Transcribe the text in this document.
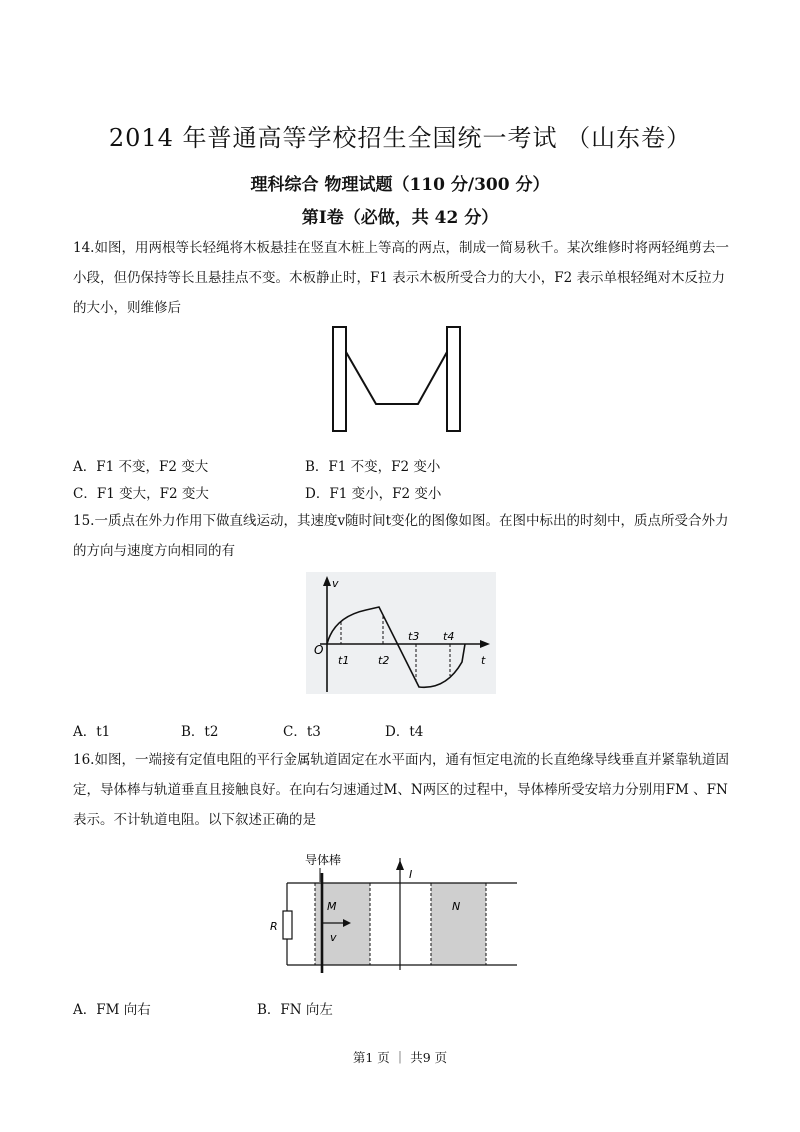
2014 年普通高等学校招生全国统一考试 （山东卷）
理科综合 物理试题（110 分/300 分）
第I卷（必做，共 42 分）
14.如图，用两根等长轻绳将木板悬挂在竖直木桩上等高的两点，制成一简易秋千。某次维修时将两轻绳剪去一小段，但仍保持等长且悬挂点不变。木板静止时，F1 表示木板所受合力的大小，F2 表示单根轻绳对木反拉力的大小，则维修后
A．F1 不变，F2 变大	B．F1 不变，F2 变小
C．F1 变大，F2 变大	D．F1 变小，F2 变小
15.一质点在外力作用下做直线运动，其速度v随时间t变化的图像如图。在图中标出的时刻中，质点所受合外力的方向与速度方向相同的有
v
t
O
t1	t2
t3 t4
A．t1	B．t2	C．t3	D．t4
16.如图，一端接有定值电阻的平行金属轨道固定在水平面内，通有恒定电流的长直绝缘导线垂直并紧靠轨道固定，导体棒与轨道垂直且接触良好。在向右匀速通过M、N两区的过程中，导体棒所受安培力分别用FM 、FN 表示。不计轨道电阻。以下叙述正确的是
导体棒
R
v
M	N
I
A．FM 向右	B．FN 向左
第1 页 ｜ 共9 页
